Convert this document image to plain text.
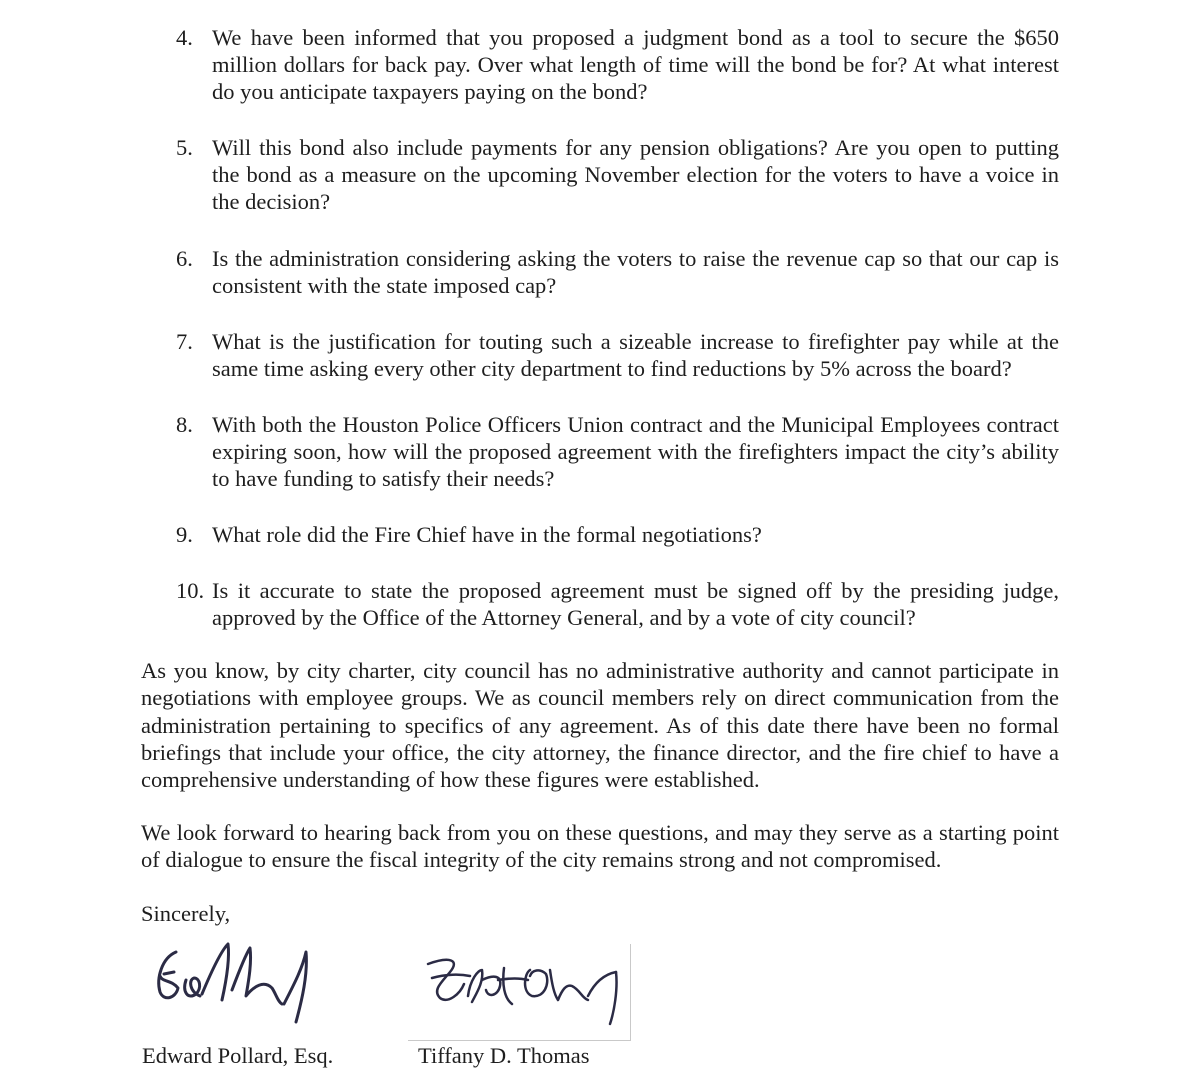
4. We have been informed that you proposed a judgment bond as a tool to secure the $650 million dollars for back pay. Over what length of time will the bond be for? At what interest do you anticipate taxpayers paying on the bond?
5. Will this bond also include payments for any pension obligations? Are you open to putting the bond as a measure on the upcoming November election for the voters to have a voice in the decision?
6. Is the administration considering asking the voters to raise the revenue cap so that our cap is consistent with the state imposed cap?
7. What is the justification for touting such a sizeable increase to firefighter pay while at the same time asking every other city department to find reductions by 5% across the board?
8. With both the Houston Police Officers Union contract and the Municipal Employees contract expiring soon, how will the proposed agreement with the firefighters impact the city’s ability to have funding to satisfy their needs?
9. What role did the Fire Chief have in the formal negotiations?
10. Is it accurate to state the proposed agreement must be signed off by the presiding judge, approved by the Office of the Attorney General, and by a vote of city council?

As you know, by city charter, city council has no administrative authority and cannot participate in negotiations with employee groups. We as council members rely on direct communication from the administration pertaining to specifics of any agreement. As of this date there have been no formal briefings that include your office, the city attorney, the finance director, and the fire chief to have a comprehensive understanding of how these figures were established.

We look forward to hearing back from you on these questions, and may they serve as a starting point of dialogue to ensure the fiscal integrity of the city remains strong and not compromised.

Sincerely,

Edward Pollard, Esq.	Tiffany D. Thomas
